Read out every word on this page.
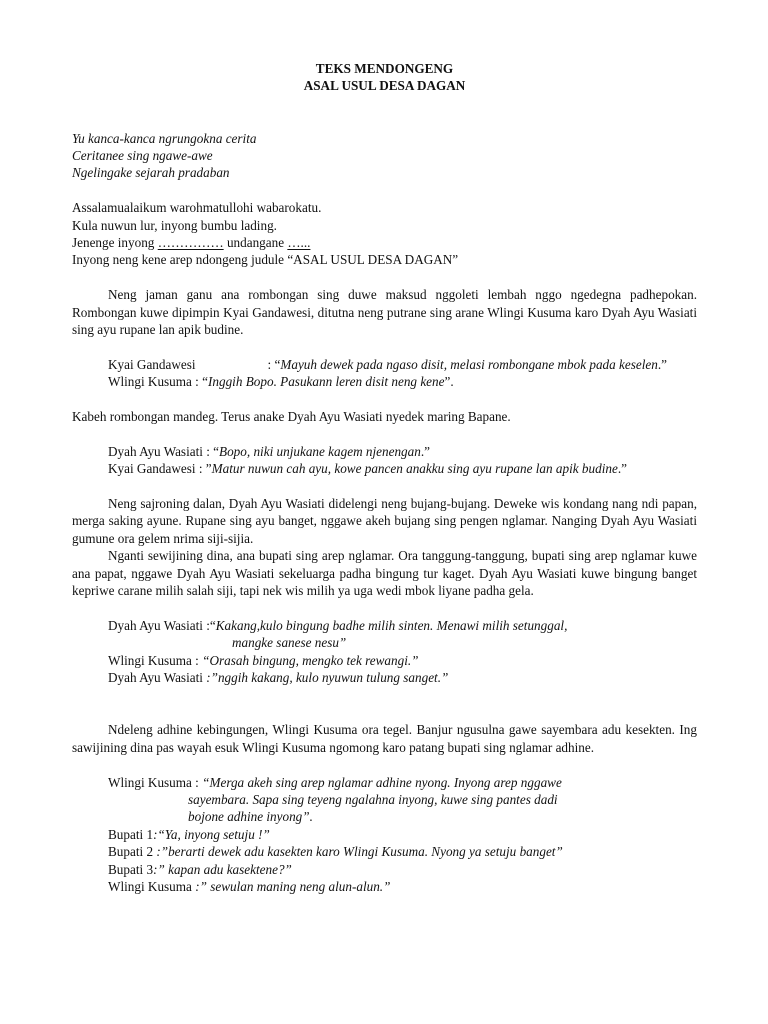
TEKS MENDONGENG

ASAL USUL DESA DAGAN

Yu kanca-kanca ngrungokna cerita

Ceritanee sing ngawe-awe

Ngelingake sejarah pradaban

Assalamualaikum warohmatullohi wabarokatu.

Kula nuwun lur, inyong bumbu lading.

Jenenge inyong …………… undangane …...

Inyong neng kene arep ndongeng judule “ASAL USUL DESA DAGAN”

Neng jaman ganu ana rombongan sing duwe maksud nggoleti lembah nggo ngedegna padhepokan. Rombongan kuwe dipimpin Kyai Gandawesi, ditutna neng putrane sing arane Wlingi Kusuma karo Dyah Ayu Wasiati sing ayu rupane lan apik budine.

Kyai Gandawesi	: “Mayuh dewek pada ngaso disit, melasi rombongane mbok pada keselen.”

Wlingi Kusuma : “Inggih Bopo. Pasukann leren disit neng kene”.

Kabeh rombongan mandeg. Terus anake Dyah Ayu Wasiati nyedek maring Bapane.

Dyah Ayu Wasiati : “Bopo, niki unjukane kagem njenengan.”

Kyai Gandawesi : ”Matur nuwun cah ayu, kowe pancen anakku sing ayu rupane lan apik budine.”

Neng sajroning dalan, Dyah Ayu Wasiati didelengi neng bujang-bujang. Deweke wis kondang nang ndi papan, merga saking ayune. Rupane sing ayu banget, nggawe akeh bujang sing pengen nglamar. Nanging Dyah Ayu Wasiati gumune ora gelem nrima siji-sijia.

Nganti sewijining dina, ana bupati sing arep nglamar. Ora tanggung-tanggung, bupati sing arep nglamar kuwe ana papat, nggawe Dyah Ayu Wasiati sekeluarga padha bingung tur kaget. Dyah Ayu Wasiati kuwe bingung banget kepriwe carane milih salah siji, tapi nek wis milih ya uga wedi mbok liyane padha gela.

Dyah Ayu Wasiati :“Kakang,kulo bingung badhe milih sinten. Menawi milih setunggal,

mangke sanese nesu”

Wlingi Kusuma : “Orasah bingung, mengko tek rewangi.”

Dyah Ayu Wasiati :”nggih kakang, kulo nyuwun tulung sanget.”

Ndeleng adhine kebingungen, Wlingi Kusuma ora tegel. Banjur ngusulna gawe sayembara adu kesekten. Ing sawijining dina pas wayah esuk Wlingi Kusuma ngomong karo patang bupati sing nglamar adhine.

Wlingi Kusuma : “Merga akeh sing arep nglamar adhine nyong. Inyong arep nggawe

sayembara. Sapa sing teyeng ngalahna inyong, kuwe sing pantes dadi

bojone adhine inyong”.

Bupati 1:“Ya, inyong setuju !”

Bupati 2 :”berarti dewek adu kasekten karo Wlingi Kusuma. Nyong ya setuju banget”

Bupati 3:” kapan adu kasektene?”

Wlingi Kusuma :” sewulan maning neng alun-alun.”
